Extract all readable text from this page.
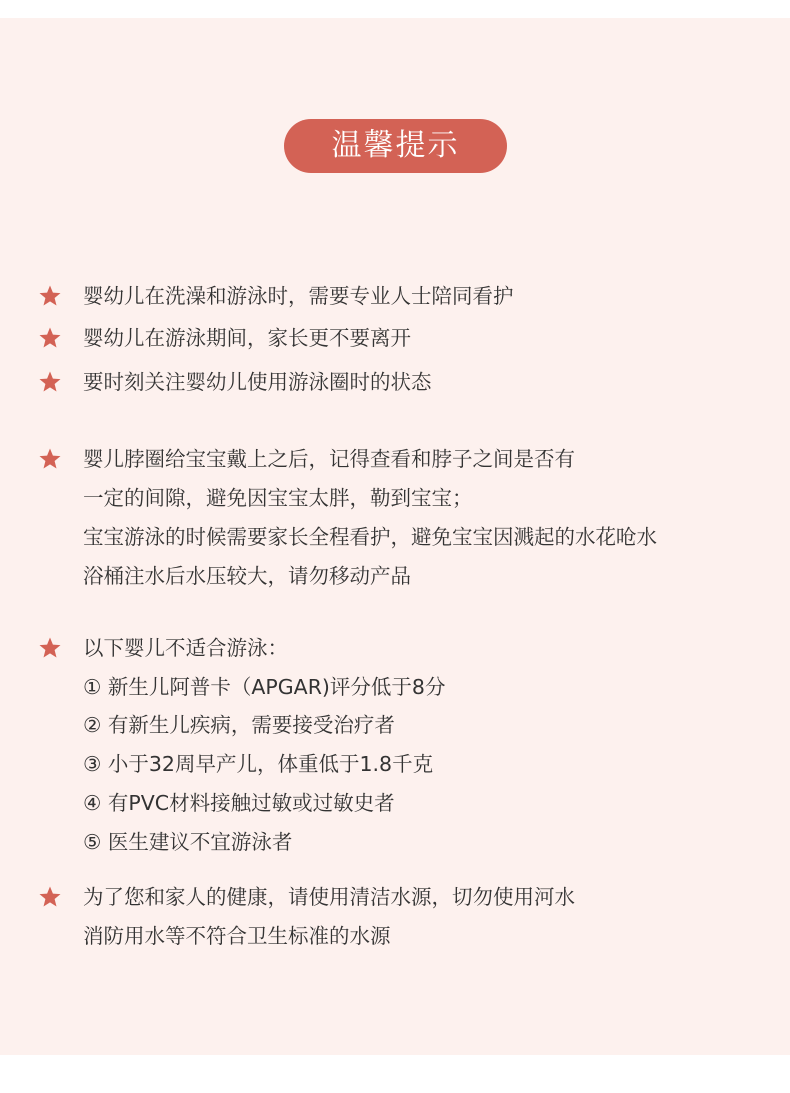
温馨提示
婴幼儿在洗澡和游泳时，需要专业人士陪同看护
婴幼儿在游泳期间，家长更不要离开
要时刻关注婴幼儿使用游泳圈时的状态
婴儿脖圈给宝宝戴上之后，记得查看和脖子之间是否有
一定的间隙，避免因宝宝太胖，勒到宝宝；
宝宝游泳的时候需要家长全程看护，避免宝宝因溅起的水花呛水
浴桶注水后水压较大，请勿移动产品
以下婴儿不适合游泳：
① 新生儿阿普卡（APGAR)评分低于8分
② 有新生儿疾病，需要接受治疗者
③ 小于32周早产儿，体重低于1.8千克
④ 有PVC材料接触过敏或过敏史者
⑤ 医生建议不宜游泳者
为了您和家人的健康，请使用清洁水源，切勿使用河水
消防用水等不符合卫生标准的水源
